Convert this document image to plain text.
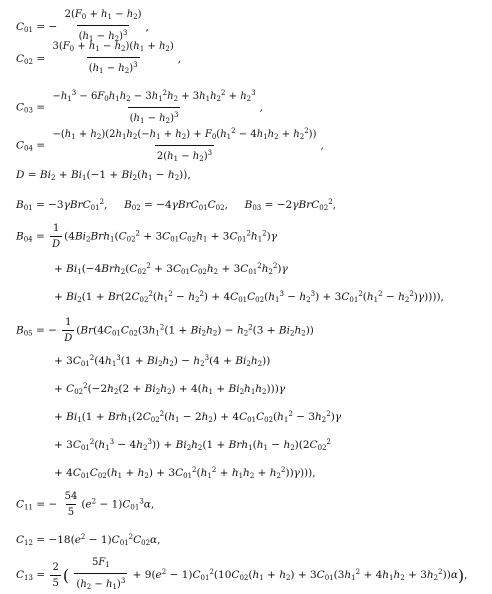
$C_{01}$ = − $\frac{2(F_0 + h_1 - h_2)}{(h_1 - h_2)^3}$ ,
$C_{02} = \frac{3(F_0 + h_1 - h_2)(h_1 + h_2)}{(h_1 - h_2)^3}$ ,
$C_{03} = \frac{-h_1^3 - 6F_0h_1h_2 - 3h_1^2h_2 + 3h_1h_2^2 + h_2^3}{(h_1 - h_2)^3}$ ,
$C_{04} = \frac{-(h_1 + h_2)(2h_1h_2(-h_1 + h_2) + F_0(h_1^2 - 4h_1h_2 + h_2^2))}{2(h_1 - h_2)^3}$ ,
$D = Bi_2 + Bi_1(-1 + Bi_2(h_1 - h_2))$,
$B_{01} = -3\gamma BrC_{01}^2$,     $B_{02} = -4\gamma BrC_{01}C_{02}$,     $B_{03} = -2\gamma BrC_{02}^2$,
$B_{04} = \frac{1}{D} (4Bi_2Brh_1(C_{02}^2 + 3C_{01}C_{02}h_1 + 3C_{01}^2h_1^2)\gamma$
+ $Bi_1(-4Brh_2(C_{02}^2 + 3C_{01}C_{02}h_2 + 3C_{01}^2h_2^2)\gamma$
+ $Bi_2(1 + Br(2C_{02}^2(h_1^2 - h_2^2) + 4C_{01}C_{02}(h_1^3 - h_2^3) + 3C_{01}^2(h_1^2 - h_2^2)\gamma))$)),
$B_{05}$ = − $\frac{1}{D} (Br(4C_{01}C_{02}(3h_1^2(1 + Bi_2h_2) - h_2^2(3 + Bi_2h_2))$
+ $3C_{01}^2(4h_1^3(1 + Bi_2h_2) - h_2^3(4 + Bi_2h_2))$
+ $C_{02}^2(-2h_2(2 + Bi_2h_2) + 4(h_1 + Bi_2h_1h_2)))\gamma$
+ $Bi_1(1 + Brh_1(2C_{02}^2(h_1 - 2h_2) + 4C_{01}C_{02}(h_1^2 - 3h_2^2)\gamma$
+ $3C_{01}^2(h_1^3 - 4h_2^3)) + Bi_2h_2(1 + Brh_1(h_1 - h_2)(2C_{02}^2$
+ $4C_{01}C_{02}(h_1 + h_2) + 3C_{01}^2(h_1^2 + h_1h_2 + h_2^2))\gamma$))),
$C_{11}$ = − $\frac{54}{5} (e^2 - 1)C_{01}^3\alpha$,
$C_{12} = -18(e^2 - 1)C_{01}^2C_{02}\alpha$,
$C_{13} = \frac{2}{5}$ ( $\frac{5F_1}{(h_2 - h_1)^3} + 9(e^2 - 1)C_{01}^2(10C_{02}(h_1 + h_2) + 3C_{01}(3h_1^2 + 4h_1h_2 + 3h_2^2))\alpha$),
